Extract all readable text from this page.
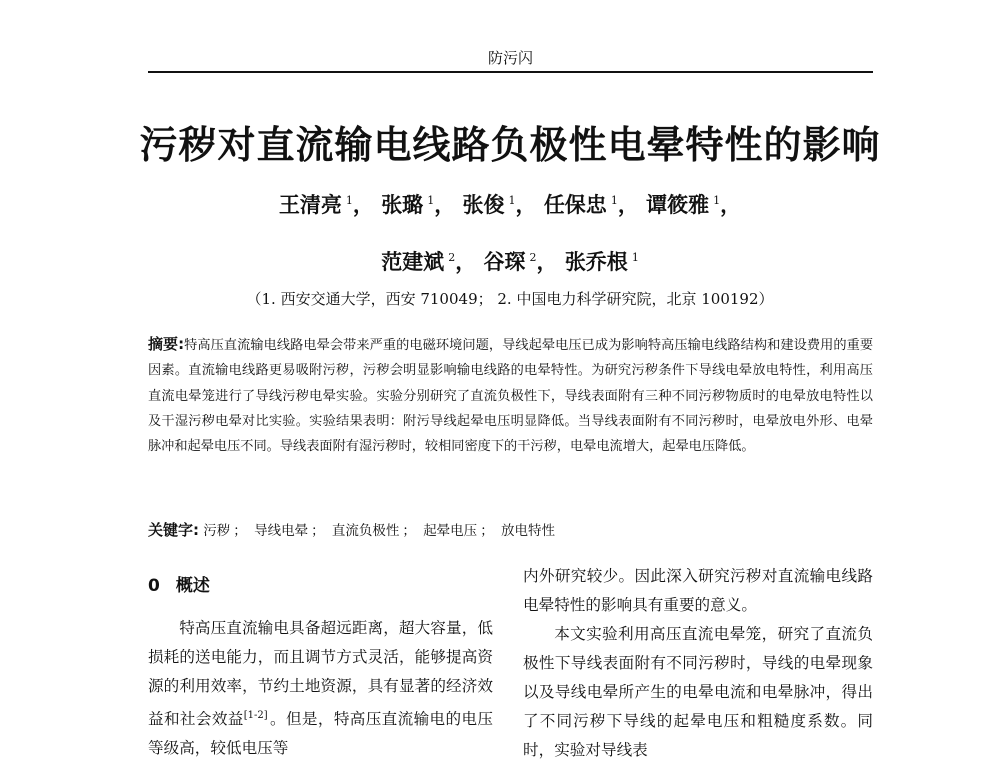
防污闪
污秽对直流输电线路负极性电晕特性的影响
王清亮 $^1$， 张璐 $^1$， 张俊 $^1$， 任保忠 $^1$， 谭筱雅 $^1$，
范建斌 $^2$， 谷琛 $^2$， 张乔根 $^1$
（1. 西安交通大学，西安 710049； 2. 中国电力科学研究院，北京 100192）
摘要:特高压直流输电线路电晕会带来严重的电磁环境问题，导线起晕电压已成为影响特高压输电线路结构和建设费用的重要因素。直流输电线路更易吸附污秽，污秽会明显影响输电线路的电晕特性。为研究污秽条件下导线电晕放电特性，利用高压直流电晕笼进行了导线污秽电晕实验。实验分别研究了直流负极性下，导线表面附有三种不同污秽物质时的电晕放电特性以及干湿污秽电晕对比实验。实验结果表明：附污导线起晕电压明显降低。当导线表面附有不同污秽时，电晕放电外形、电晕脉冲和起晕电压不同。导线表面附有湿污秽时，较相同密度下的干污秽，电晕电流增大，起晕电压降低。
关键字: 污秽 ； 导线电晕 ； 直流负极性 ； 起晕电压 ； 放电特性
0 概述

特高压直流输电具备超远距离，超大容量，低损耗的送电能力，而且调节方式灵活，能够提高资源的利用效率，节约土地资源，具有显著的经济效益和社会效益[1-2] 。但是，特高压直流输电的电压等级高，较低电压等

内外研究较少。因此深入研究污秽对直流输电线路电晕特性的影响具有重要的意义。

本文实验利用高压直流电晕笼，研究了直流负极性下导线表面附有不同污秽时，导线的电晕现象以及导线电晕所产生的电晕电流和电晕脉冲，得出了不同污秽下导线的起晕电压和粗糙度系数。同时，实验对导线表
